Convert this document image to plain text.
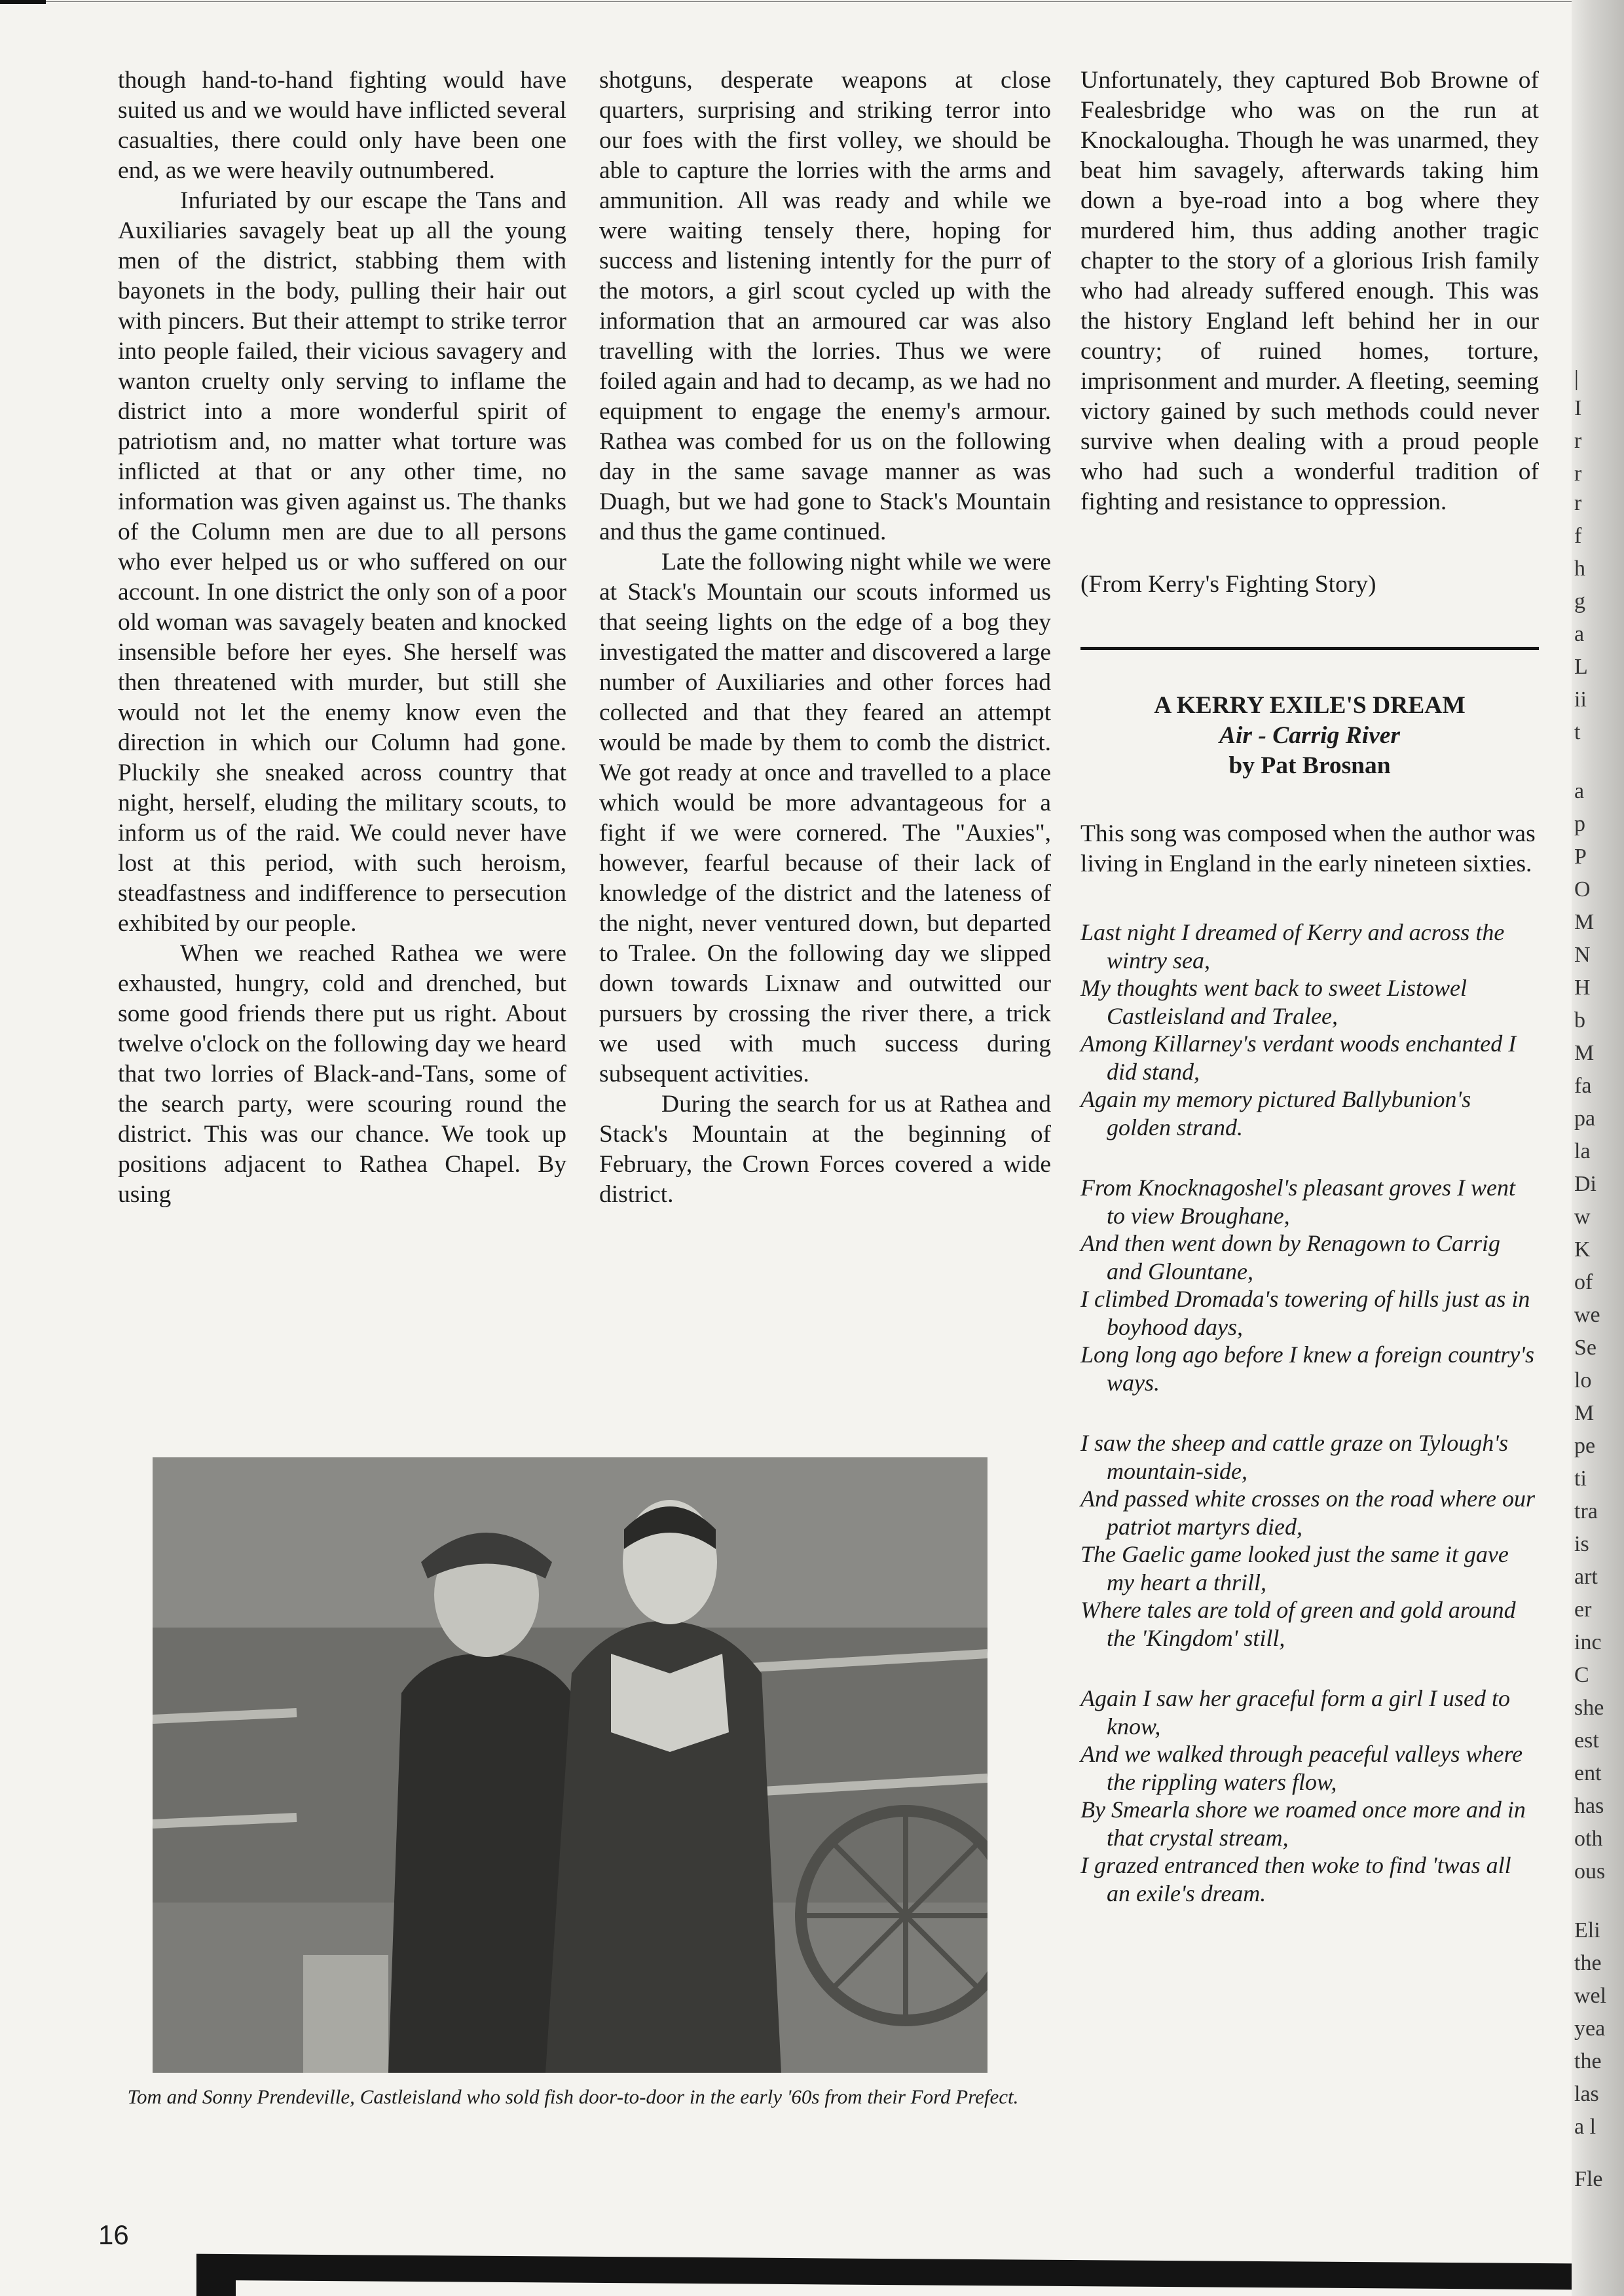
though hand-to-hand fighting would have suited us and we would have inflicted several casualties, there could only have been one end, as we were heavily outnumbered.

Infuriated by our escape the Tans and Auxiliaries savagely beat up all the young men of the district, stabbing them with bayonets in the body, pulling their hair out with pincers. But their attempt to strike terror into people failed, their vicious savagery and wanton cruelty only serving to inflame the district into a more wonderful spirit of patriotism and, no matter what torture was inflicted at that or any other time, no information was given against us. The thanks of the Column men are due to all persons who ever helped us or who suffered on our account. In one district the only son of a poor old woman was savagely beaten and knocked insensible before her eyes. She herself was then threatened with murder, but still she would not let the enemy know even the direction in which our Column had gone. Pluckily she sneaked across country that night, herself, eluding the military scouts, to inform us of the raid. We could never have lost at this period, with such heroism, steadfastness and indifference to persecution exhibited by our people.

When we reached Rathea we were exhausted, hungry, cold and drenched, but some good friends there put us right. About twelve o'clock on the following day we heard that two lorries of Black-and-Tans, some of the search party, were scouring round the district. This was our chance. We took up positions adjacent to Rathea Chapel. By using

shotguns, desperate weapons at close quarters, surprising and striking terror into our foes with the first volley, we should be able to capture the lorries with the arms and ammunition. All was ready and while we were waiting tensely there, hoping for success and listening intently for the purr of the motors, a girl scout cycled up with the information that an armoured car was also travelling with the lorries. Thus we were foiled again and had to decamp, as we had no equipment to engage the enemy's armour. Rathea was combed for us on the following day in the same savage manner as was Duagh, but we had gone to Stack's Mountain and thus the game continued.

Late the following night while we were at Stack's Mountain our scouts informed us that seeing lights on the edge of a bog they investigated the matter and discovered a large number of Auxiliaries and other forces had collected and that they feared an attempt would be made by them to comb the district. We got ready at once and travelled to a place which would be more advantageous for a fight if we were cornered. The "Auxies", however, fearful because of their lack of knowledge of the district and the lateness of the night, never ventured down, but departed to Tralee. On the following day we slipped down towards Lixnaw and outwitted our pursuers by crossing the river there, a trick we used with much success during subsequent activities.

During the search for us at Rathea and Stack's Mountain at the beginning of February, the Crown Forces covered a wide district.

Unfortunately, they captured Bob Browne of Fealesbridge who was on the run at Knockalougha. Though he was unarmed, they beat him savagely, afterwards taking him down a bye-road into a bog where they murdered him, thus adding another tragic chapter to the story of a glorious Irish family who had already suffered enough. This was the history England left behind her in our country; of ruined homes, torture, imprisonment and murder. A fleeting, seeming victory gained by such methods could never survive when dealing with a proud people who had such a wonderful tradition of fighting and resistance to oppression.

(From Kerry's Fighting Story)

A KERRY EXILE'S DREAM
Air - Carrig River
by Pat Brosnan

This song was composed when the author was living in England in the early nineteen sixties.

Last night I dreamed of Kerry and across the wintry sea,
My thoughts went back to sweet Listowel Castleisland and Tralee,
Among Killarney's verdant woods enchanted I did stand,
Again my memory pictured Ballybunion's golden strand.
From Knocknagoshel's pleasant groves I went to view Broughane,
And then went down by Renagown to Carrig and Glountane,
I climbed Dromada's towering of hills just as in boyhood days,
Long long ago before I knew a foreign country's ways.
I saw the sheep and cattle graze on Tylough's mountain-side,
And passed white crosses on the road where our patriot martyrs died,
The Gaelic game looked just the same it gave my heart a thrill,
Where tales are told of green and gold around the 'Kingdom' still,
Again I saw her graceful form a girl I used to know,
And we walked through peaceful valleys where the rippling waters flow,
By Smearla shore we roamed once more and in that crystal stream,
I grazed entranced then woke to find 'twas all an exile's dream.
Tom and Sonny Prendeville, Castleisland who sold fish door-to-door in the early '60s from their Ford Prefect.
16
|
I
r
r
r
f
h
g
a
L
ii
t
a
p
P
O
M
N
H
b
M
fa
pa
la
Di
w
K
of
we
Se
lo
M
pe
ti
tra
is
art
er
inc
C
she
est
ent
has
oth
ous
Eli
the
wel
yea
the
las
a l
Fle
